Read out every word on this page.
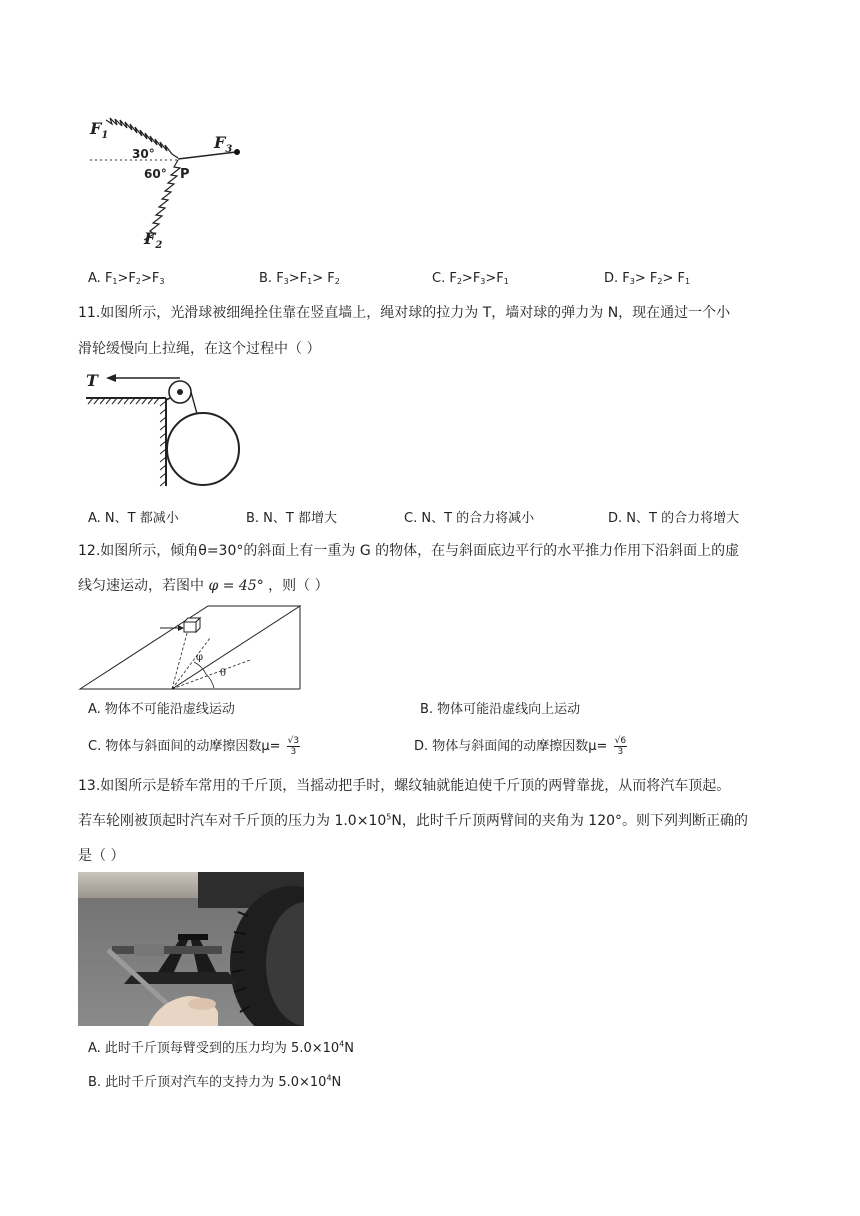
$F_1$
30°
60° P
$F_3$
$F_2$
A. $F_1>F_2>F_3$	B. $F_3>F_1> F_2$	C. $F_2>F_3>F_1$	D. $F_3> F_2> F_1$
11.如图所示，光滑球被细绳拴住靠在竖直墙上，绳对球的拉力为 T，墙对球的弹力为 N，现在通过一个小
滑轮缓慢向上拉绳，在这个过程中（ ）
T
A. N、T 都减小	B. N、T 都增大	C. N、T 的合力将减小	D. N、T 的合力将增大
12.如图所示，倾角θ=30°的斜面上有一重为 G 的物体，在与斜面底边平行的水平推力作用下沿斜面上的虚
线匀速运动，若图中 φ = 45° ，则（ ）
φ
θ
A. 物体不可能沿虚线运动	B. 物体可能沿虚线向上运动
C. 物体与斜面间的动摩擦因数$\mu= \frac{√3}{3}$	D. 物体与斜面闻的动摩擦因数$\mu= \frac{√6}{3}$
13.如图所示是轿车常用的千斤顶，当摇动把手时，螺纹轴就能迫使千斤顶的两臂靠拢，从而将汽车顶起。
若车轮刚被顶起时汽车对千斤顶的压力为 $1.0\times 10^5N$，此时千斤顶两臂间的夹角为 120°。则下列判断正确的
是（ ）
A. 此时千斤顶每臂受到的压力均为 $5.0\times 10^4N$
B. 此时千斤顶对汽车的支持力为 $5.0\times 10^4N$
